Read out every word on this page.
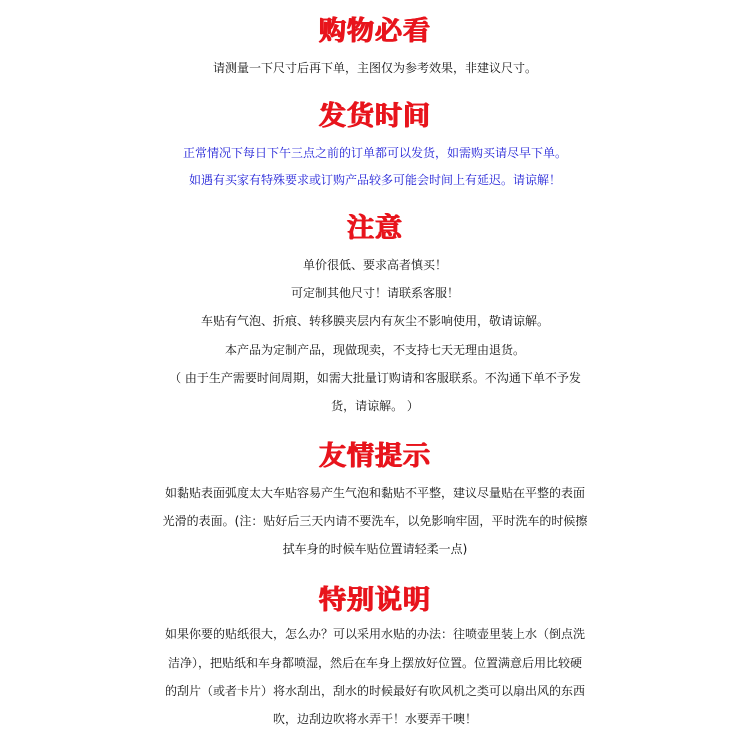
购物必看
请测量一下尺寸后再下单，主图仅为参考效果，非建议尺寸。
发货时间
正常情况下每日下午三点之前的订单都可以发货，如需购买请尽早下单。
如遇有买家有特殊要求或订购产品较多可能会时间上有延迟。请谅解！
注意
单价很低、要求高者慎买！
可定制其他尺寸！请联系客服！
车贴有气泡、折痕、转移膜夹层内有灰尘不影响使用，敬请谅解。
本产品为定制产品，现做现卖，不支持七天无理由退货。
（ 由于生产需要时间周期，如需大批量订购请和客服联系。不沟通下单不予发
货，请谅解。 ）
友情提示
如黏贴表面弧度太大车贴容易产生气泡和黏贴不平整，建议尽量贴在平整的表面
光滑的表面。(注：贴好后三天内请不要洗车，以免影响牢固，平时洗车的时候擦
拭车身的时候车贴位置请轻柔一点)
特别说明
如果你要的贴纸很大，怎么办？可以采用水贴的办法：往喷壶里装上水（倒点洗
洁净），把贴纸和车身都喷湿，然后在车身上摆放好位置。位置满意后用比较硬
的刮片（或者卡片）将水刮出，刮水的时候最好有吹风机之类可以扇出风的东西
吹，边刮边吹将水弄干！水要弄干噢！
